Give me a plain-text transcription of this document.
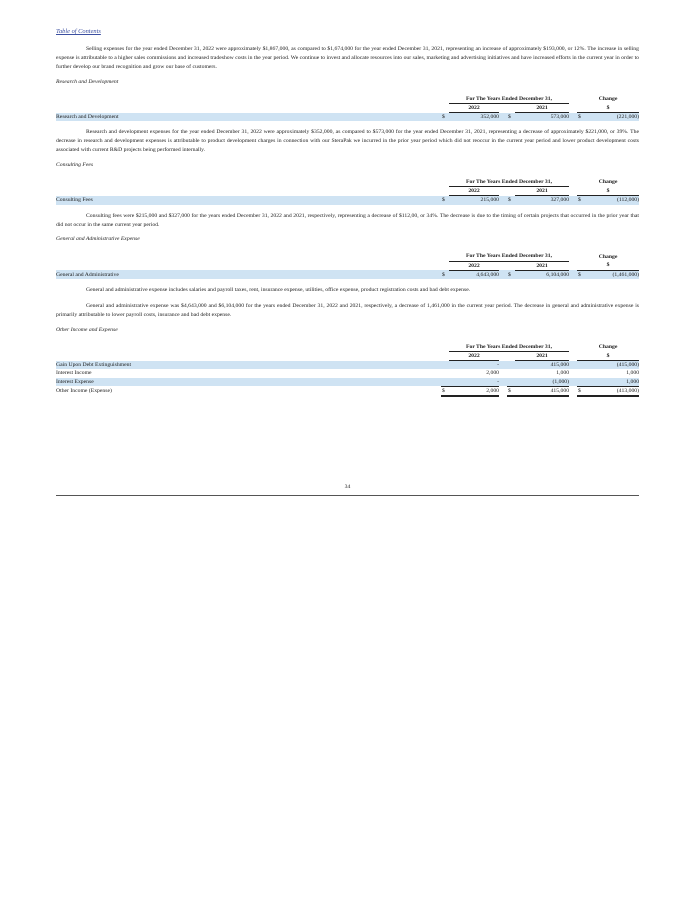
Table of Contents

Selling expenses for the year ended December 31, 2022 were approximately $1,867,000, as compared to $1,674,000 for the year ended December 31, 2021, representing an increase of approximately $193,000, or 12%. The increase in selling expense is attributable to a higher sales commissions and increased tradeshow costs in the year period. We continue to invest and allocate resources into our sales, marketing and advertising initiatives and have increased efforts in the current year in order to further develop our brand recognition and grow our base of customers.

Research and Development

		For The Years Ended December 31,					Change	
		2022			2021		$	
Research and Development	$	352,000		$	573,000		$	(221,000)

Research and development expenses for the year ended December 31, 2022 were approximately $352,000, as compared to $573,000 for the year ended December 31, 2021, representing a decrease of approximately $221,000, or 39%. The decrease in research and development expenses is attributable to product development charges in connection with our SteraPak we incurred in the prior year period which did not reoccur in the current year period and lower product development costs associated with current R&D projects being performed internally.

Consulting Fees

		For The Years Ended December 31,					Change	
		2022			2021		$	
Consulting Fees	$	215,000		$	327,000		$	(112,000)

Consulting fees were $215,000 and $327,000 for the years ended December 31, 2022 and 2021, respectively, representing a decrease of $112,00, or 34%. The decrease is due to the timing of certain projects that occurred in the prior year that did not occur in the same current year period.

General and Administrative Expense

		For The Years Ended December 31,					Change	
		2022			2021		$	
General and Administrative	$	4,643,000		$	6,104,000		$	(1,461,000)

General and administrative expense includes salaries and payroll taxes, rent, insurance expense, utilities, office expense, product registration costs and bad debt expense.

General and administrative expense was $4,643,000 and $6,104,000 for the years ended December 31, 2022 and 2021, respectively, a decrease of 1,461,000 in the current year period. The decrease in general and administrative expense is primarily attributable to lower payroll costs, insurance and bad debt expense.

Other Income and Expense

		For The Years Ended December 31,					Change	
		2022			2021		$	
Gain Upon Debt Extinguishment		-			415,000			(415,000)
Interest Income		2,000			1,000			1,000
Interest Expense		-			(1,000)			1,000
Other Income (Expense)	$	2,000		$	415,000		$	(413,000)
34
